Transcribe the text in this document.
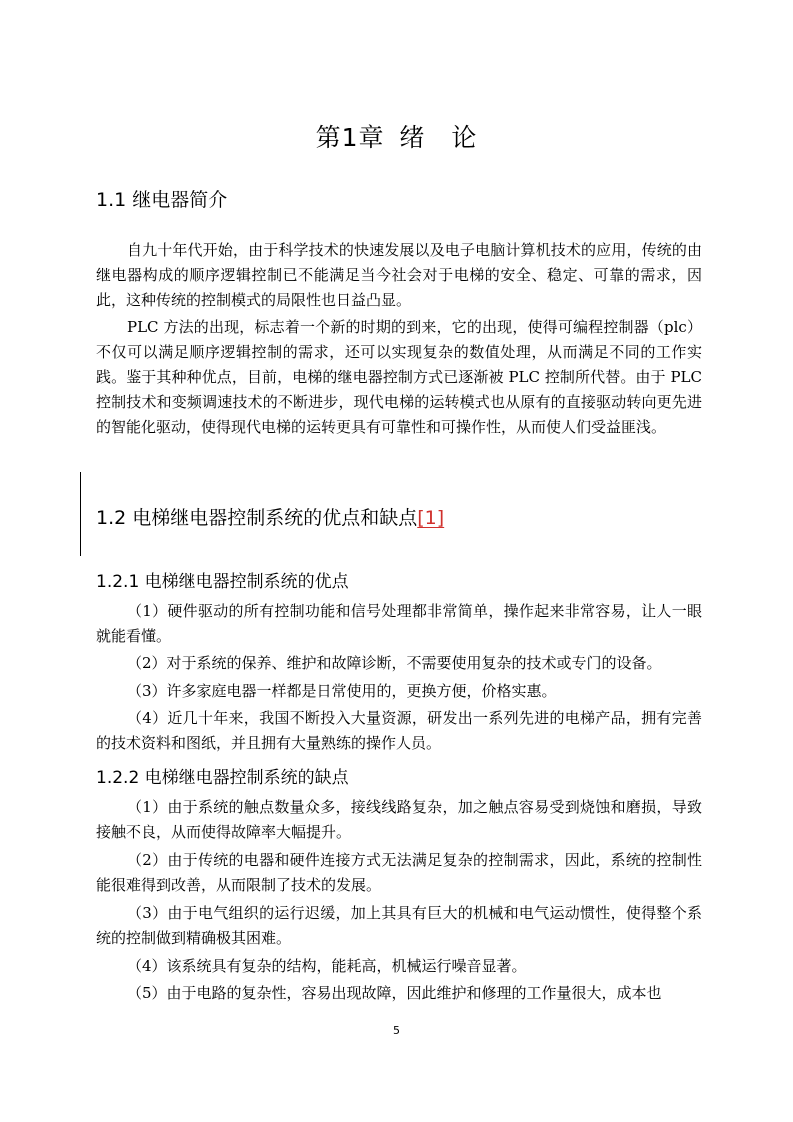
第1章 绪　论
1.1 继电器简介

自九十年代开始，由于科学技术的快速发展以及电子电脑计算机技术的应用，传统的由继电器构成的顺序逻辑控制已不能满足当今社会对于电梯的安全、稳定、可靠的需求，因此，这种传统的控制模式的局限性也日益凸显。

PLC 方法的出现，标志着一个新的时期的到来，它的出现，使得可编程控制器（plc）不仅可以满足顺序逻辑控制的需求，还可以实现复杂的数值处理，从而满足不同的工作实践。鉴于其种种优点，目前，电梯的继电器控制方式已逐渐被 PLC 控制所代替。由于 PLC 控制技术和变频调速技术的不断进步，现代电梯的运转模式也从原有的直接驱动转向更先进的智能化驱动，使得现代电梯的运转更具有可靠性和可操作性，从而使人们受益匪浅。

1.2 电梯继电器控制系统的优点和缺点[1]
1.2.1 电梯继电器控制系统的优点

（1）硬件驱动的所有控制功能和信号处理都非常简单，操作起来非常容易，让人一眼就能看懂。

（2）对于系统的保养、维护和故障诊断，不需要使用复杂的技术或专门的设备。

（3）许多家庭电器一样都是日常使用的，更换方便，价格实惠。

（4）近几十年来，我国不断投入大量资源，研发出一系列先进的电梯产品，拥有完善的技术资料和图纸，并且拥有大量熟练的操作人员。

1.2.2 电梯继电器控制系统的缺点

（1）由于系统的触点数量众多，接线线路复杂，加之触点容易受到烧蚀和磨损，导致接触不良，从而使得故障率大幅提升。

（2）由于传统的电器和硬件连接方式无法满足复杂的控制需求，因此，系统的控制性能很难得到改善，从而限制了技术的发展。

（3）由于电气组织的运行迟缓，加上其具有巨大的机械和电气运动惯性，使得整个系统的控制做到精确极其困难。

（4）该系统具有复杂的结构，能耗高，机械运行噪音显著。

（5）由于电路的复杂性，容易出现故障，因此维护和修理的工作量很大，成本也

5
